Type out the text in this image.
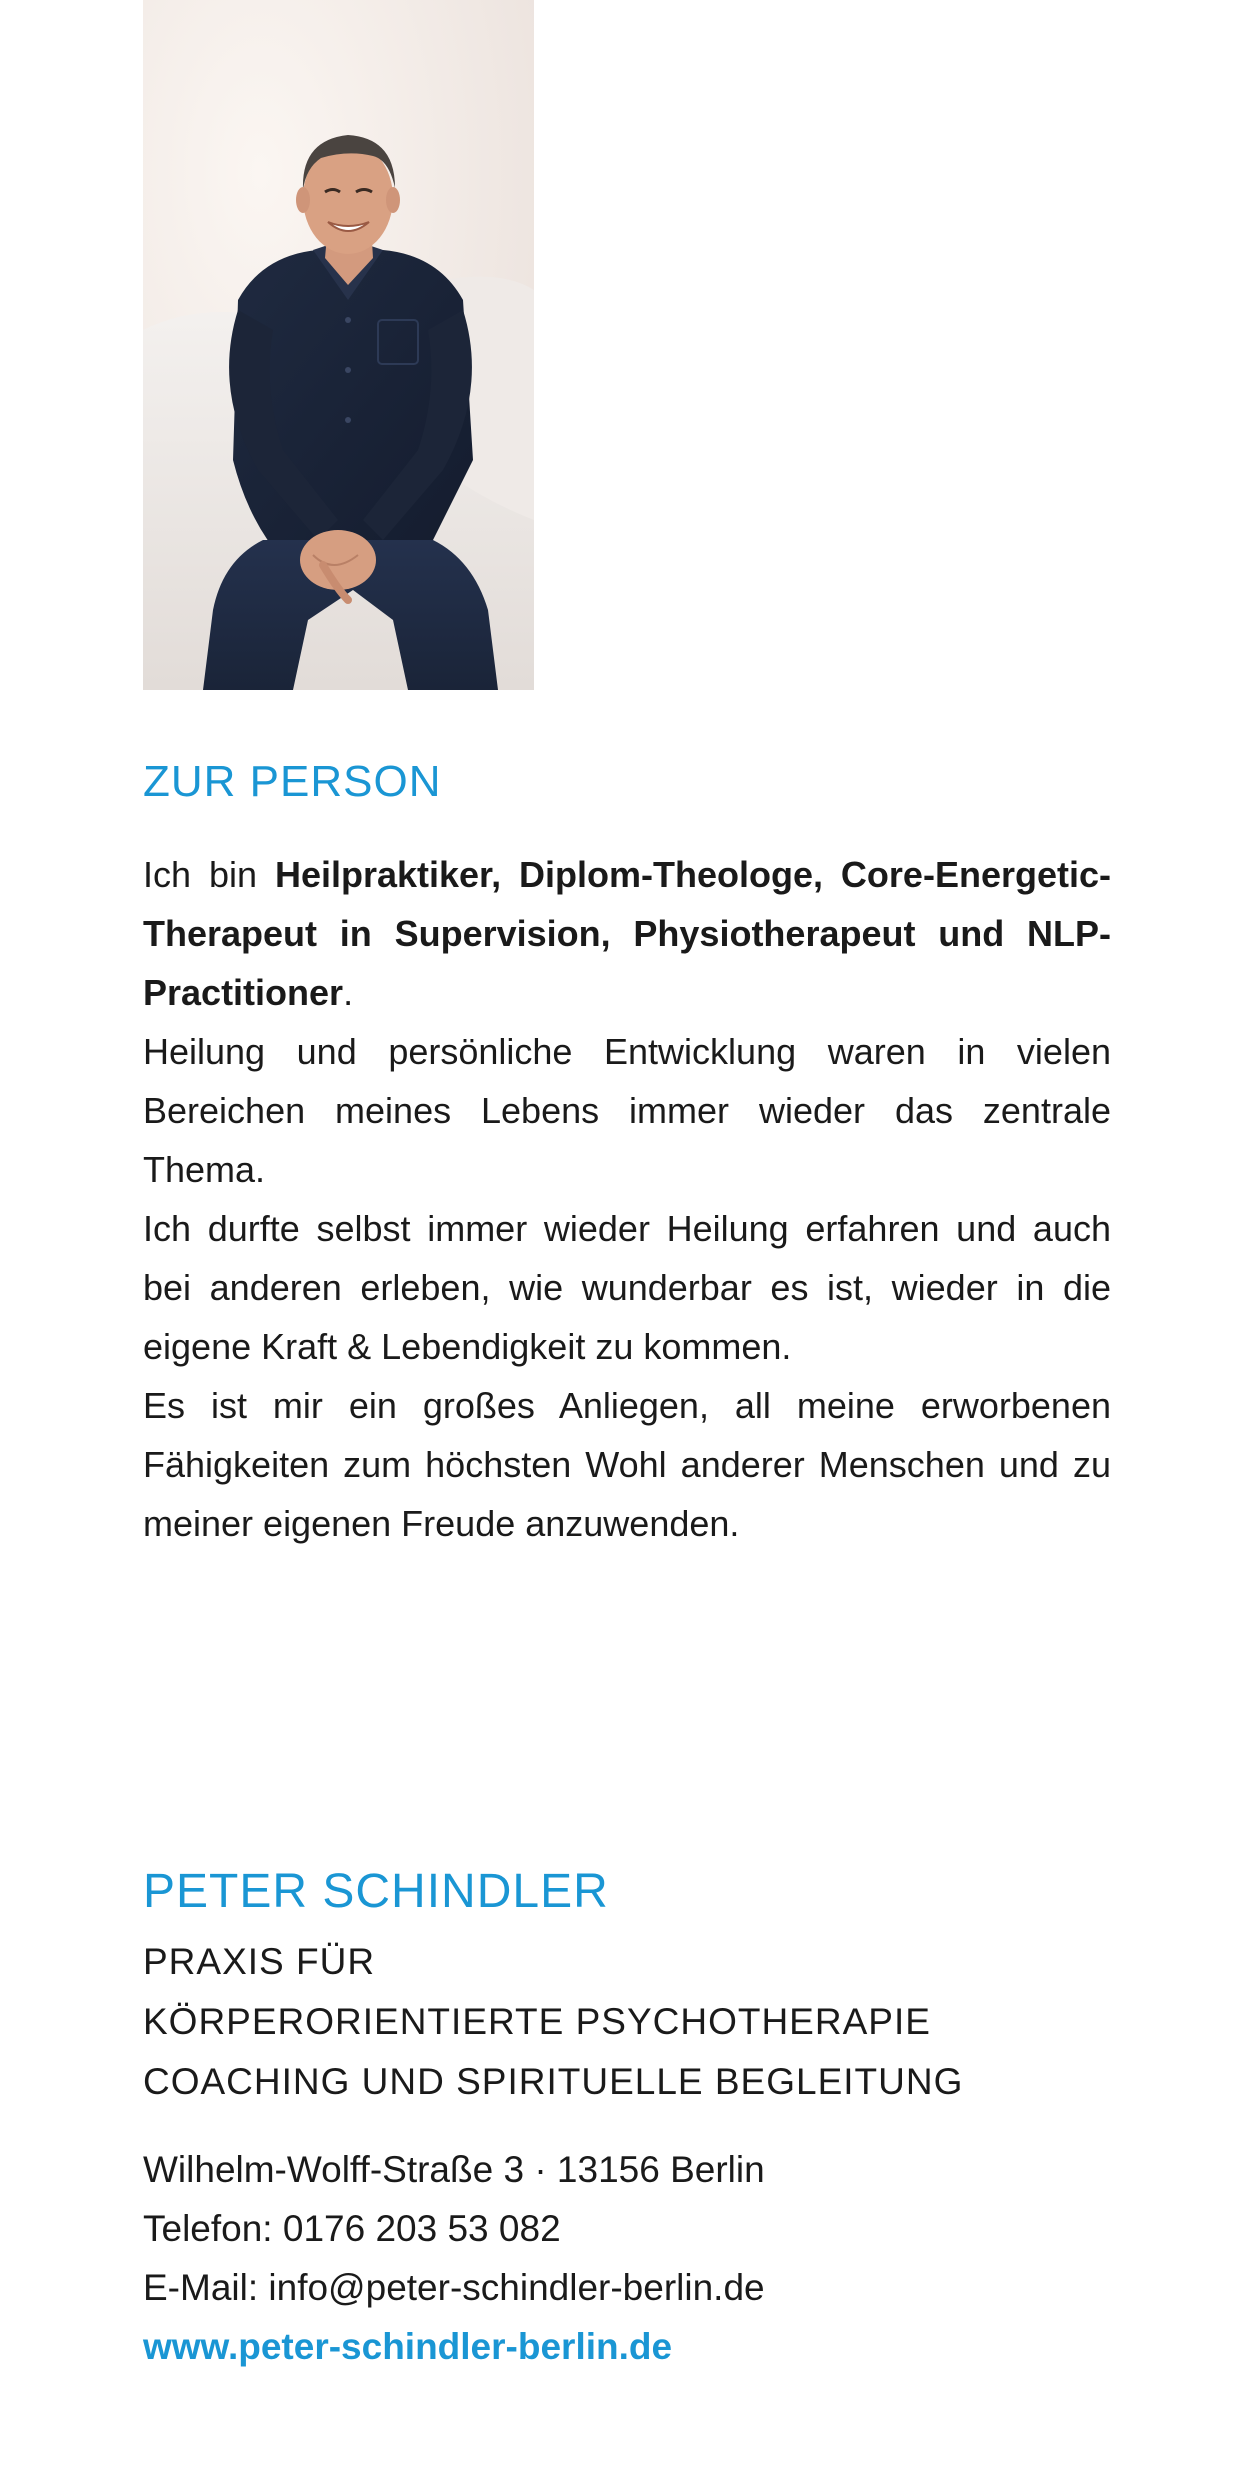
ZUR PERSON

Ich bin Heilpraktiker, Diplom-Theologe, Core-Energetic-Therapeut in Supervision, Physiotherapeut und NLP-Practitioner.

Heilung und persönliche Entwicklung waren in vielen Bereichen meines Lebens immer wieder das zentrale Thema.

Ich durfte selbst immer wieder Heilung erfahren und auch bei anderen erleben, wie wunderbar es ist, wieder in die eigene Kraft & Lebendigkeit zu kommen.

Es ist mir ein großes Anliegen, all meine erworbenen Fähigkeiten zum höchsten Wohl anderer Menschen und zu meiner eigenen Freude anzuwenden.

PETER SCHINDLER
PRAXIS FÜR
KÖRPERORIENTIERTE PSYCHOTHERAPIE
COACHING UND SPIRITUELLE BEGLEITUNG
Wilhelm-Wolff-Straße 3 · 13156 Berlin
Telefon: 0176 203 53 082
E-Mail: info@peter-schindler-berlin.de
www.peter-schindler-berlin.de
